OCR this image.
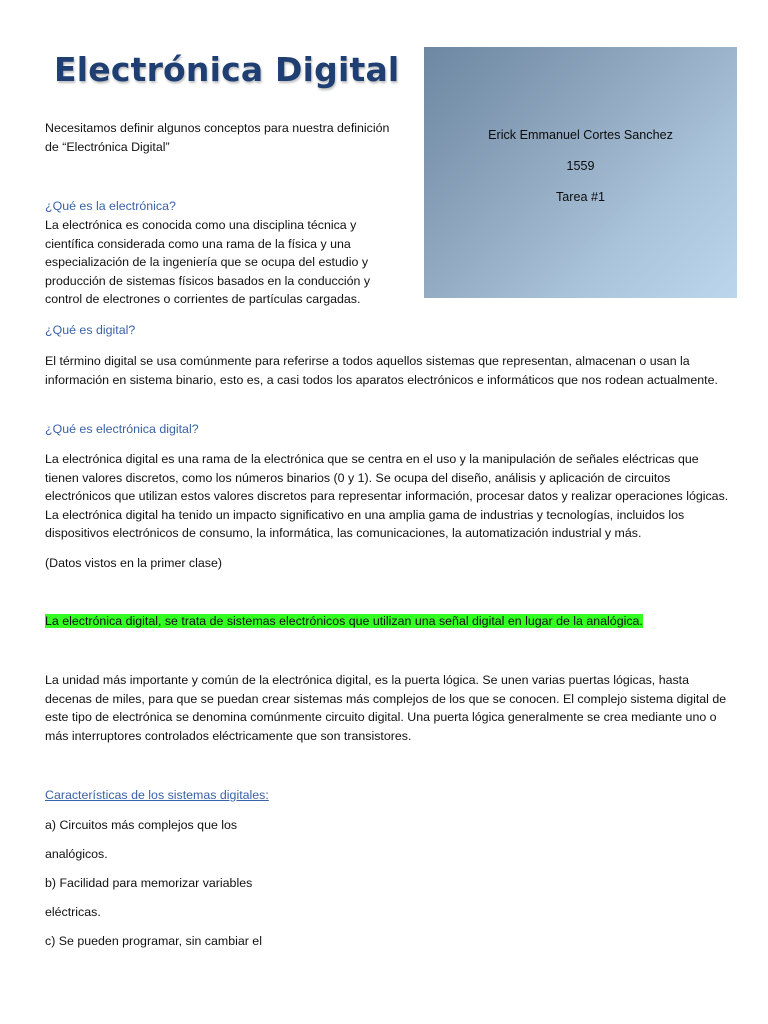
Electrónica Digital
Erick Emmanuel Cortes Sanchez
1559
Tarea #1

Necesitamos definir algunos conceptos para nuestra definición de “Electrónica Digital”

¿Qué es la electrónica?

La electrónica es conocida como una disciplina técnica y científica considerada como una rama de la física y una especialización de la ingeniería que se ocupa del estudio y producción de sistemas físicos basados en la conducción y control de electrones o corrientes de partículas cargadas.

¿Qué es digital?

El término digital se usa comúnmente para referirse a todos aquellos sistemas que representan, almacenan o usan la información en sistema binario, esto es, a casi todos los aparatos electrónicos e informáticos que nos rodean actualmente.

¿Qué es electrónica digital?

La electrónica digital es una rama de la electrónica que se centra en el uso y la manipulación de señales eléctricas que tienen valores discretos, como los números binarios (0 y 1). Se ocupa del diseño, análisis y aplicación de circuitos electrónicos que utilizan estos valores discretos para representar información, procesar datos y realizar operaciones lógicas. La electrónica digital ha tenido un impacto significativo en una amplia gama de industrias y tecnologías, incluidos los dispositivos electrónicos de consumo, la informática, las comunicaciones, la automatización industrial y más.

(Datos vistos en la primer clase)

La electrónica digital, se trata de sistemas electrónicos que utilizan una señal digital en lugar de la analógica.

La unidad más importante y común de la electrónica digital, es la puerta lógica. Se unen varias puertas lógicas, hasta decenas de miles, para que se puedan crear sistemas más complejos de los que se conocen. El complejo sistema digital de este tipo de electrónica se denomina comúnmente circuito digital. Una puerta lógica generalmente se crea mediante uno o más interruptores controlados eléctricamente que son transistores.

Características de los sistemas digitales:
a) Circuitos más complejos que los
analógicos.
b) Facilidad para memorizar variables
eléctricas.
c) Se pueden programar, sin cambiar el
